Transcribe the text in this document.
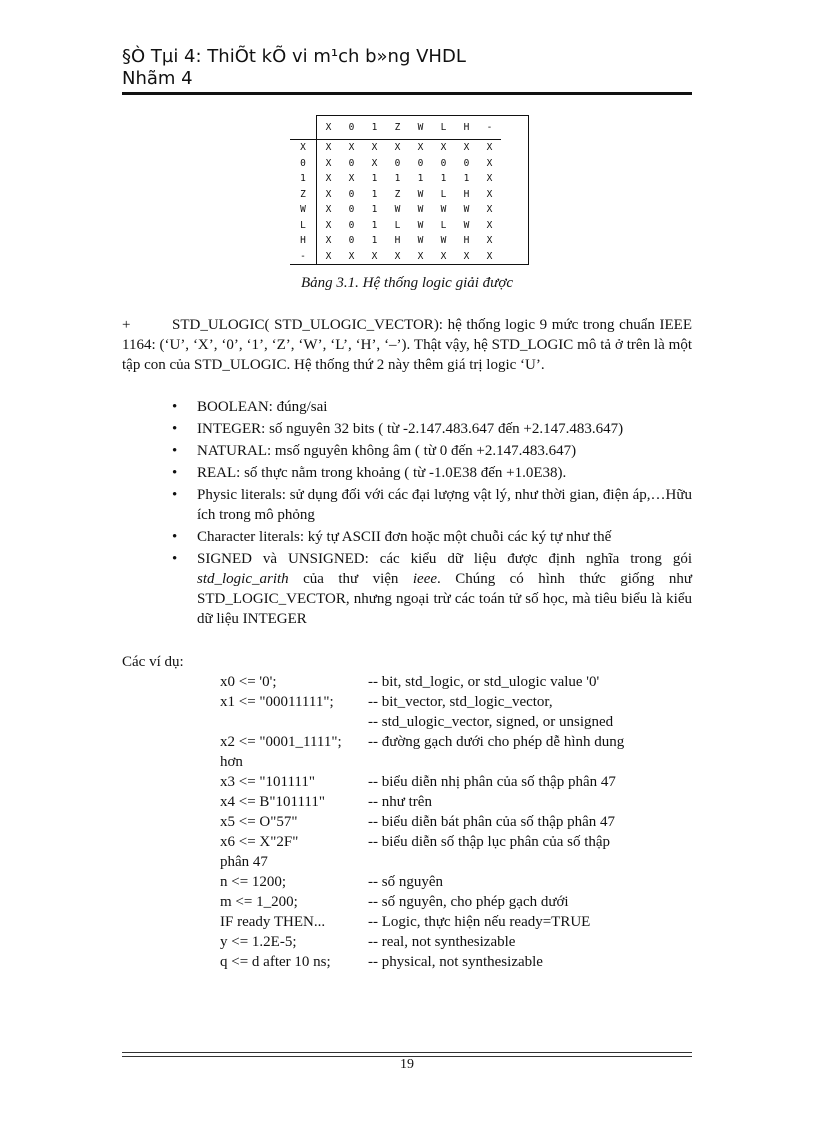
§Ò Tµi 4: ThiÕt kÕ vi m¹ch b»ng VHDL
Nhãm 4
	X	0	1	Z	W	L	H	-
X	X	X	X	X	X	X	X	X
0	X	0	X	0	0	0	0	X
1	X	X	1	1	1	1	1	X
Z	X	0	1	Z	W	L	H	X
W	X	0	1	W	W	W	W	X
L	X	0	1	L	W	L	W	X
H	X	0	1	H	W	W	H	X
-	X	X	X	X	X	X	X	X
Bảng 3.1. Hệ thống logic giải được
+	STD_ULOGIC( STD_ULOGIC_VECTOR): hệ thống logic 9 mức trong chuẩn IEEE 1164: (‘U’, ‘X’, ‘0’, ‘1’, ‘Z’, ‘W’, ‘L’, ‘H’, ‘–’). Thật vậy, hệ STD_LOGIC mô tả ở trên là một tập con của STD_ULOGIC. Hệ thống thứ 2 này thêm giá trị logic ‘U’.
• BOOLEAN: đúng/sai
• INTEGER: số nguyên 32 bits ( từ -2.147.483.647 đến +2.147.483.647)
• NATURAL: msố nguyên không âm ( từ 0 đến +2.147.483.647)
• REAL: số thực nằm trong khoảng ( từ -1.0E38 đến +1.0E38).
• Physic literals: sử dụng đối với các đại lượng vật lý, như thời gian, điện áp,…Hữu ích trong mô phỏng
• Character literals: ký tự ASCII đơn hoặc một chuỗi các ký tự như thế
• SIGNED và UNSIGNED: các kiểu dữ liệu được định nghĩa trong gói std_logic_arith của thư viện ieee. Chúng có hình thức giống như STD_LOGIC_VECTOR, nhưng ngoại trừ các toán tử số học, mà tiêu biểu là kiểu dữ liệu INTEGER
Các ví dụ:
x0 <= '0';	-- bit, std_logic, or std_ulogic value '0'
x1 <= "00011111"; -- bit_vector, std_logic_vector,
-- std_ulogic_vector, signed, or unsigned
x2 <= "0001_1111"; -- đường gạch dưới cho phép dễ hình dung
hơn
x3 <= "101111"	-- biểu diễn nhị phân của số thập phân 47
x4 <= B"101111"	-- như trên
x5 <= O"57"	-- biểu diễn bát phân của số thập phân 47
x6 <= X"2F"	-- biểu diễn số thập lục phân của số thập
phân 47
n <= 1200;	-- số nguyên
m <= 1_200;	-- số nguyên, cho phép gạch dưới
IF ready THEN...	-- Logic, thực hiện nếu ready=TRUE
y <= 1.2E-5;	-- real, not synthesizable
q <= d after 10 ns; -- physical, not synthesizable
19
